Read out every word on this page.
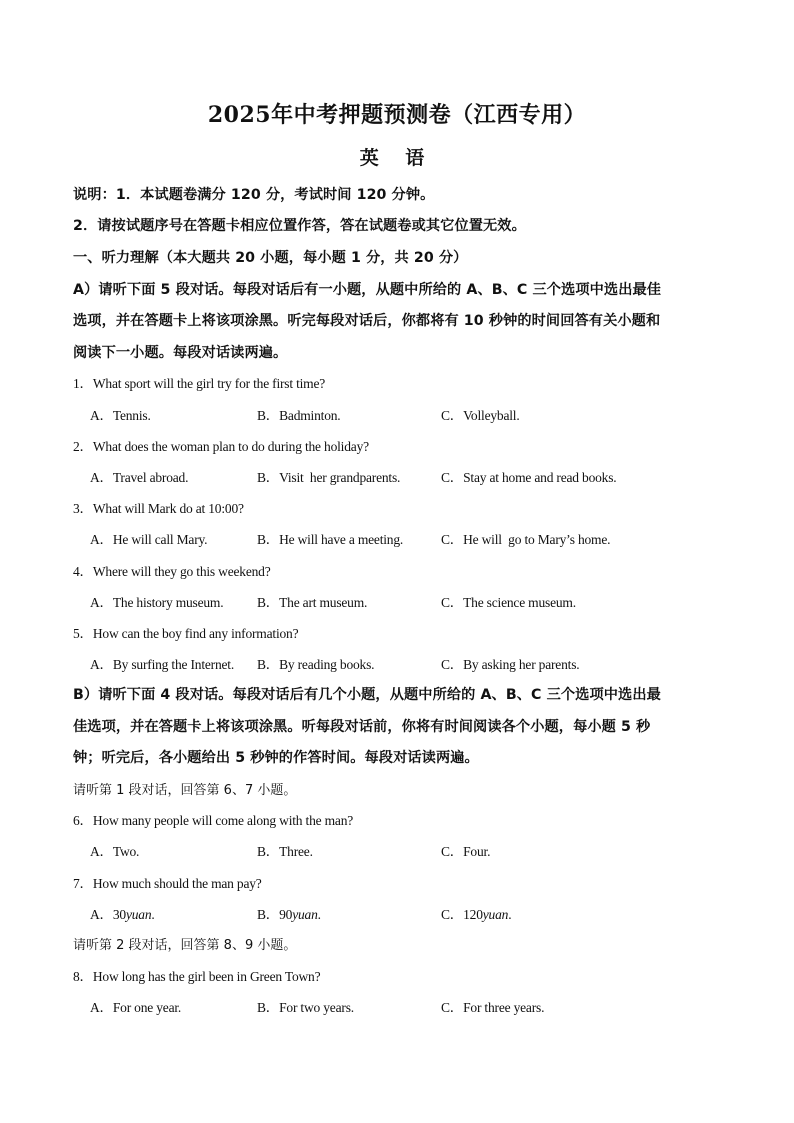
2025年中考押题预测卷（江西专用）
英 语
说明：1．本试题卷满分 120 分，考试时间 120 分钟。
2．请按试题序号在答题卡相应位置作答，答在试题卷或其它位置无效。
一、听力理解（本大题共 20 小题，每小题 1 分，共 20 分）
A）请听下面 5 段对话。每段对话后有一小题，从题中所给的 A、B、C 三个选项中选出最佳
选项，并在答题卡上将该项涂黑。听完每段对话后，你都将有 10 秒钟的时间回答有关小题和
阅读下一小题。每段对话读两遍。
1．What sport will the girl try for the first time?
A．Tennis.	B．Badminton.	C．Volleyball.
2．What does the woman plan to do during the holiday?
A．Travel abroad.	B．Visit  her grandparents.	C．Stay at home and read books.
3．What will Mark do at 10:00?
A．He will call Mary.	B．He will have a meeting.	C．He will  go to Mary’s home.
4．Where will they go this weekend?
A．The history museum. B．The art museum.	C．The science museum.
5．How can the boy find any information?
A．By surfing the Internet. B．By reading books.	C．By asking her parents.
B）请听下面 4 段对话。每段对话后有几个小题，从题中所给的 A、B、C 三个选项中选出最
佳选项，并在答题卡上将该项涂黑。听每段对话前，你将有时间阅读各个小题，每小题 5 秒
钟；听完后，各小题给出 5 秒钟的作答时间。每段对话读两遍。
请听第 1 段对话，回答第 6、7 小题。
6．How many people will come along with the man?
A．Two.	B．Three.	C．Four.
7．How much should the man pay?
A．30yuan.	B．90yuan.	C．120yuan.
请听第 2 段对话，回答第 8、9 小题。
8．How long has the girl been in Green Town?
A．For one year.	B．For two years.	C．For three years.
